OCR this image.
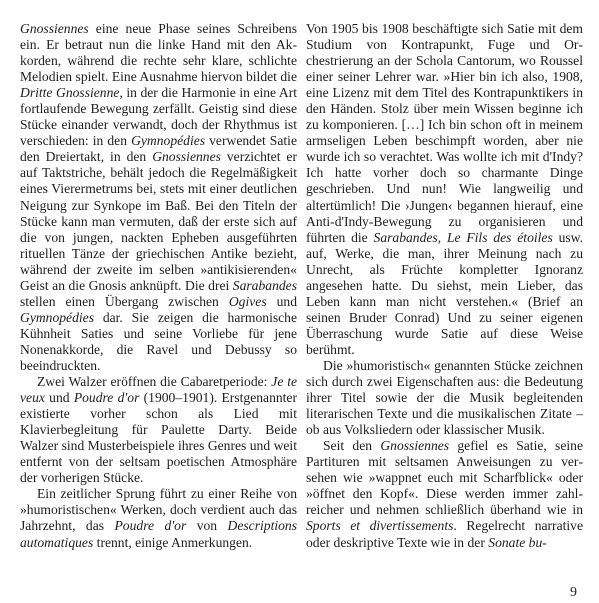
Gnossiennes eine neue Phase seines Schreibens ein. Er betraut nun die linke Hand mit den Akkorden, während die rechte sehr klare, schlichte Melodien spielt. Eine Ausnahme hiervon bildet die Dritte Gnossienne, in der die Harmonie in eine Art fortlaufende Bewegung zerfällt. Geistig sind diese Stücke einander verwandt, doch der Rhythmus ist verschieden: in den Gymnopédies verwendet Satie den Dreiertakt, in den Gnossiennes verzichtet er auf Taktstriche, behält jedoch die Regelmäßigkeit eines Vierermetrums bei, stets mit einer deutlichen Neigung zur Synkope im Baß. Bei den Titeln der Stücke kann man vermuten, daß der erste sich auf die von jungen, nackten Epheben ausgeführten rituellen Tänze der griechischen Antike bezieht, während der zweite im selben »antikisierenden« Geist an die Gnosis anknüpft. Die drei Sarabandes stellen einen Übergang zwischen Ogives und Gymnopédies dar. Sie zeigen die harmonische Kühnheit Saties und seine Vorliebe für jene Nonenakkorde, die Ravel und Debussy so beeindruckten.

Zwei Walzer eröffnen die Cabaretperiode: Je te veux und Poudre d'or (1900–1901). Erstgenannter existierte vorher schon als Lied mit Klavierbegleitung für Paulette Darty. Beide Walzer sind Musterbeispiele ihres Genres und weit entfernt von der seltsam poetischen Atmosphäre der vorherigen Stücke.

Ein zeitlicher Sprung führt zu einer Reihe von »humoristischen« Werken, doch verdient auch das Jahrzehnt, das Poudre d'or von Descriptions automatiques trennt, einige Anmerkungen.

Von 1905 bis 1908 beschäftigte sich Satie mit dem Studium von Kontrapunkt, Fuge und Orchestrierung an der Schola Cantorum, wo Roussel einer seiner Lehrer war. »Hier bin ich also, 1908, eine Lizenz mit dem Titel des Kontrapunktikers in den Händen. Stolz über mein Wissen beginne ich zu komponieren. […] Ich bin schon oft in meinem armseligen Leben beschimpft worden, aber nie wurde ich so verachtet. Was wollte ich mit d'Indy? Ich hatte vorher doch so charmante Dinge geschrieben. Und nun! Wie langweilig und altertümlich! Die ›Jungen‹ begannen hierauf, eine Anti-d'Indy-Bewegung zu organisieren und führten die Sarabandes, Le Fils des étoiles usw. auf, Werke, die man, ihrer Meinung nach zu Unrecht, als Früchte kompletter Ignoranz angesehen hatte. Du siehst, mein Lieber, das Leben kann man nicht verstehen.« (Brief an seinen Bruder Conrad) Und zu seiner eigenen Überraschung wurde Satie auf diese Weise berühmt.

Die »humoristisch« genannten Stücke zeichnen sich durch zwei Eigenschaften aus: die Bedeutung ihrer Titel sowie der die Musik begleitenden literarischen Texte und die musikalischen Zitate – ob aus Volksliedern oder klassischer Musik.

Seit den Gnossiennes gefiel es Satie, seine Partituren mit seltsamen Anweisungen zu versehen wie »wappnet euch mit Scharfblick« oder »öffnet den Kopf«. Diese werden immer zahlreicher und nehmen schließlich überhand wie in Sports et divertissements. Regelrecht narrative oder deskriptive Texte wie in der Sonate bu-

9
